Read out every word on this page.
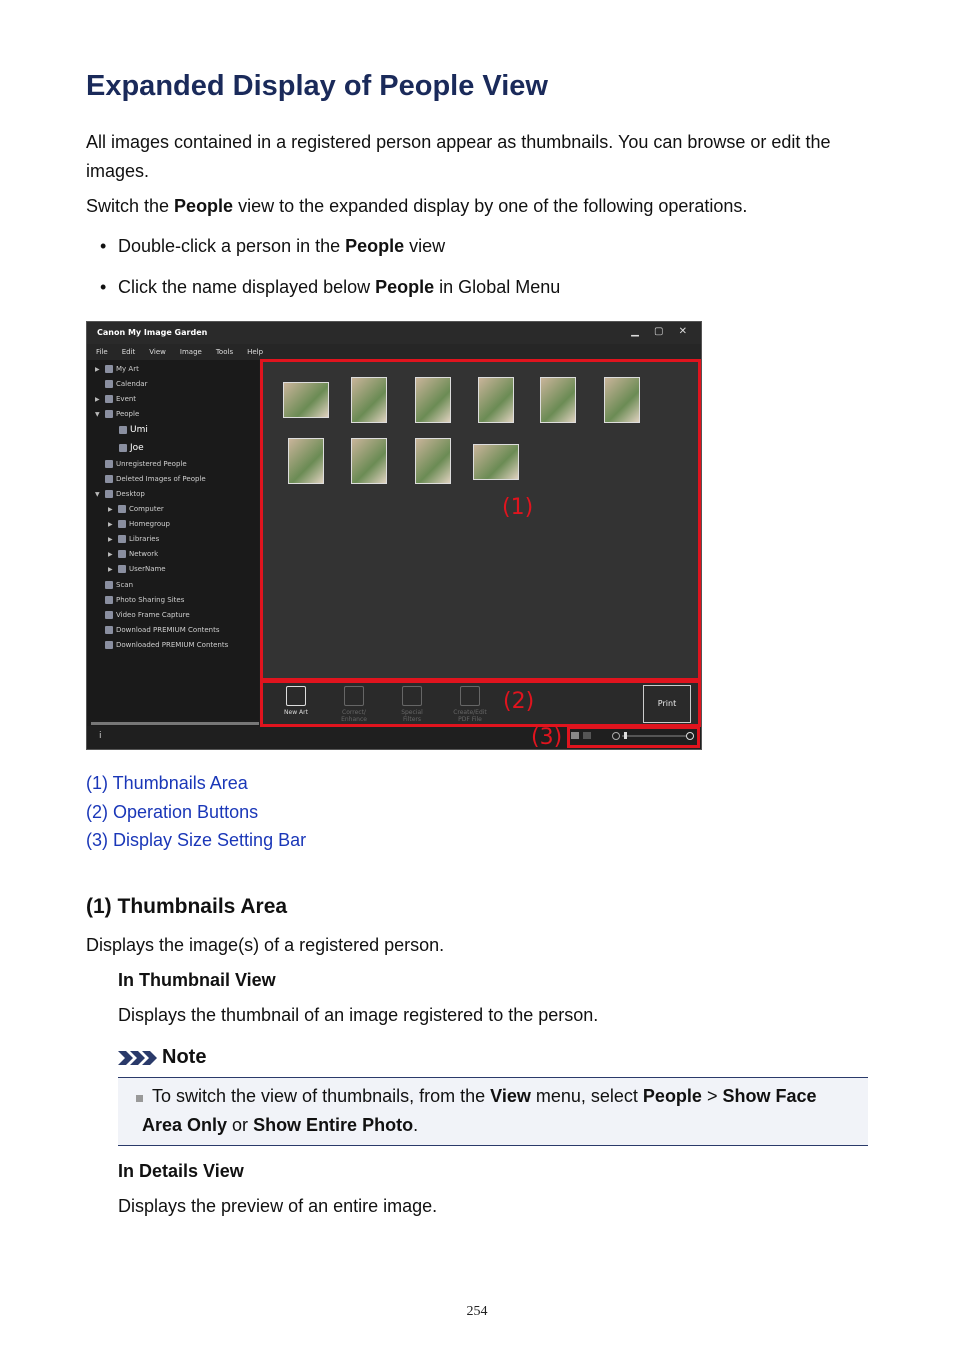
Expanded Display of People View
All images contained in a registered person appear as thumbnails. You can browse or edit the images.
Switch the People view to the expanded display by one of the following operations.
• Double-click a person in the People view
• Click the name displayed below People in Global Menu
Canon My Image Garden	▁ ▢ ✕
File Edit View Image Tools Help
▶ My Art
Calendar
▶ Event
▼ People
Umi
Joe
Unregistered People
Deleted Images of People
▼ Desktop
▶ Computer
▶ Homegroup
▶ Libraries
▶ Network
▶ UserName
Scan
Photo Sharing Sites
Video Frame Capture
Download PREMIUM Contents
Downloaded PREMIUM Contents
New Art	Correct/ Enhance
Special Filters
Create/Edit PDF File
Print
i
(1)
(2)
(3)
(1) Thumbnails Area
(2) Operation Buttons
(3) Display Size Setting Bar
(1) Thumbnails Area
Displays the image(s) of a registered person.
In Thumbnail View
Displays the thumbnail of an image registered to the person.
Note
To switch the view of thumbnails, from the View menu, select People > Show Face Area Only or Show Entire Photo.
In Details View
Displays the preview of an entire image.
254
